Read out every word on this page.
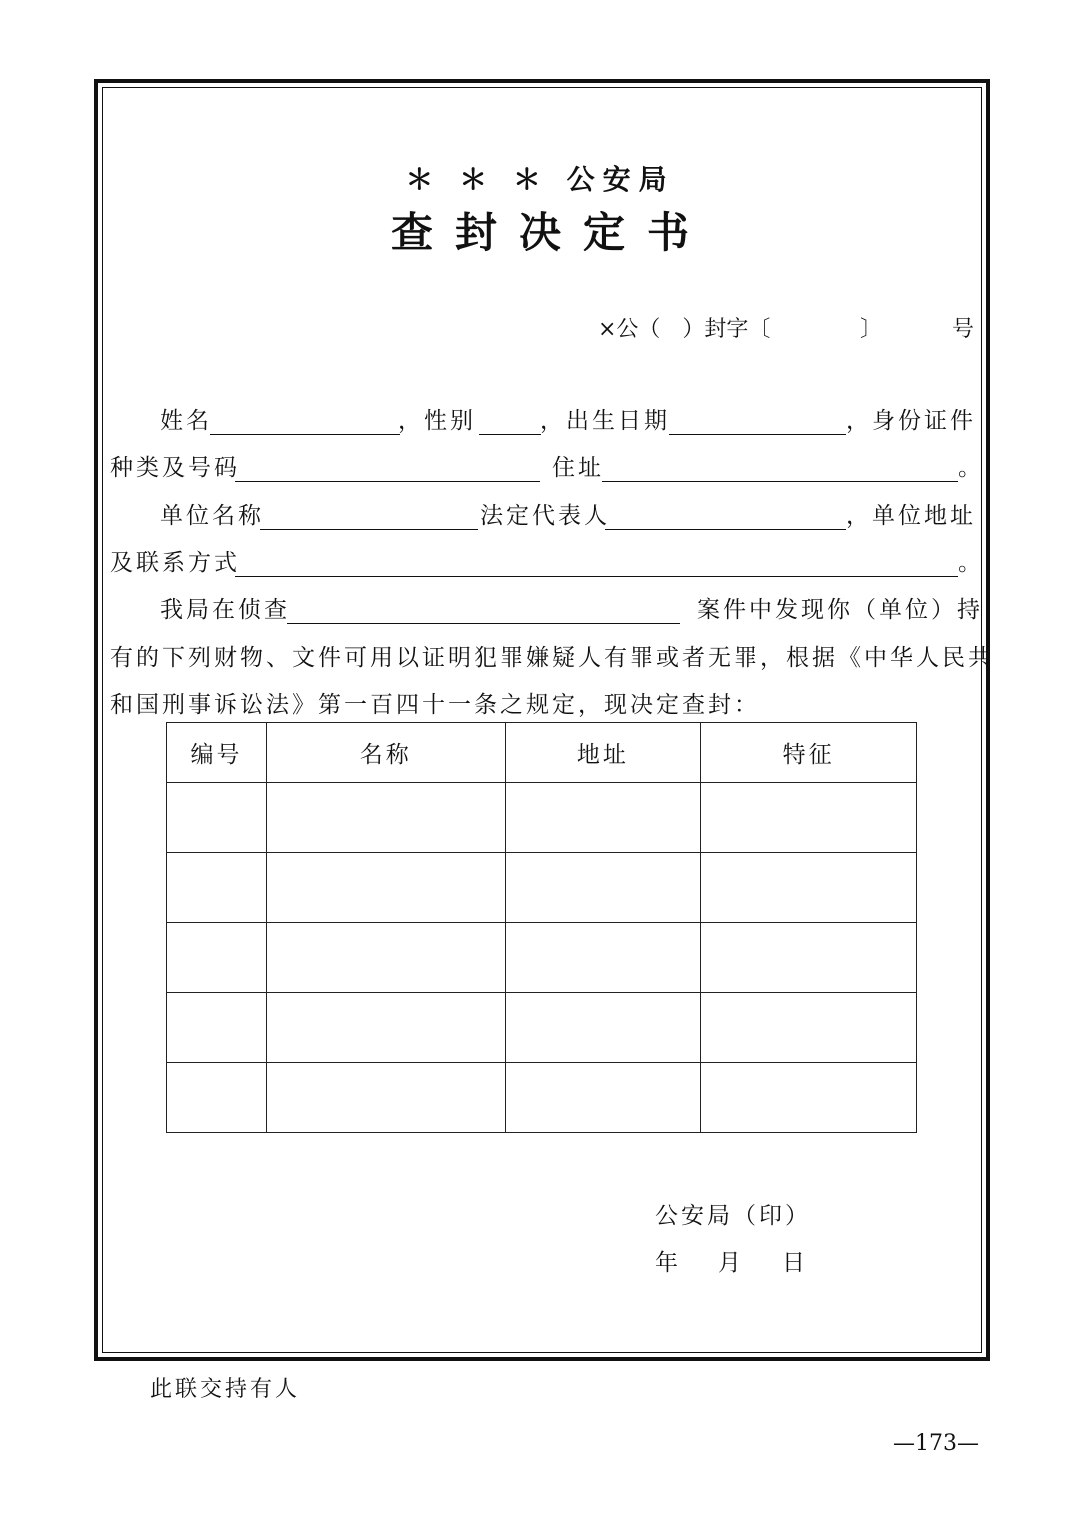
＊ ＊ ＊ 公安局
查封决定书
×公（　）封字〔	〕	号
姓名	，性别	，出生日期	，身份证件
种类及号码	住址	。
单位名称	法定代表人	，单位地址
及联系方式	。
我局在侦查	案件中发现你（单位）持
有的下列财物、文件可用以证明犯罪嫌疑人有罪或者无罪，根据《中华人民共
和国刑事诉讼法》第一百四十一条之规定，现决定查封：
编号	名称	地址	特征

公安局（印）
年 月 日
此联交持有人
—173—
